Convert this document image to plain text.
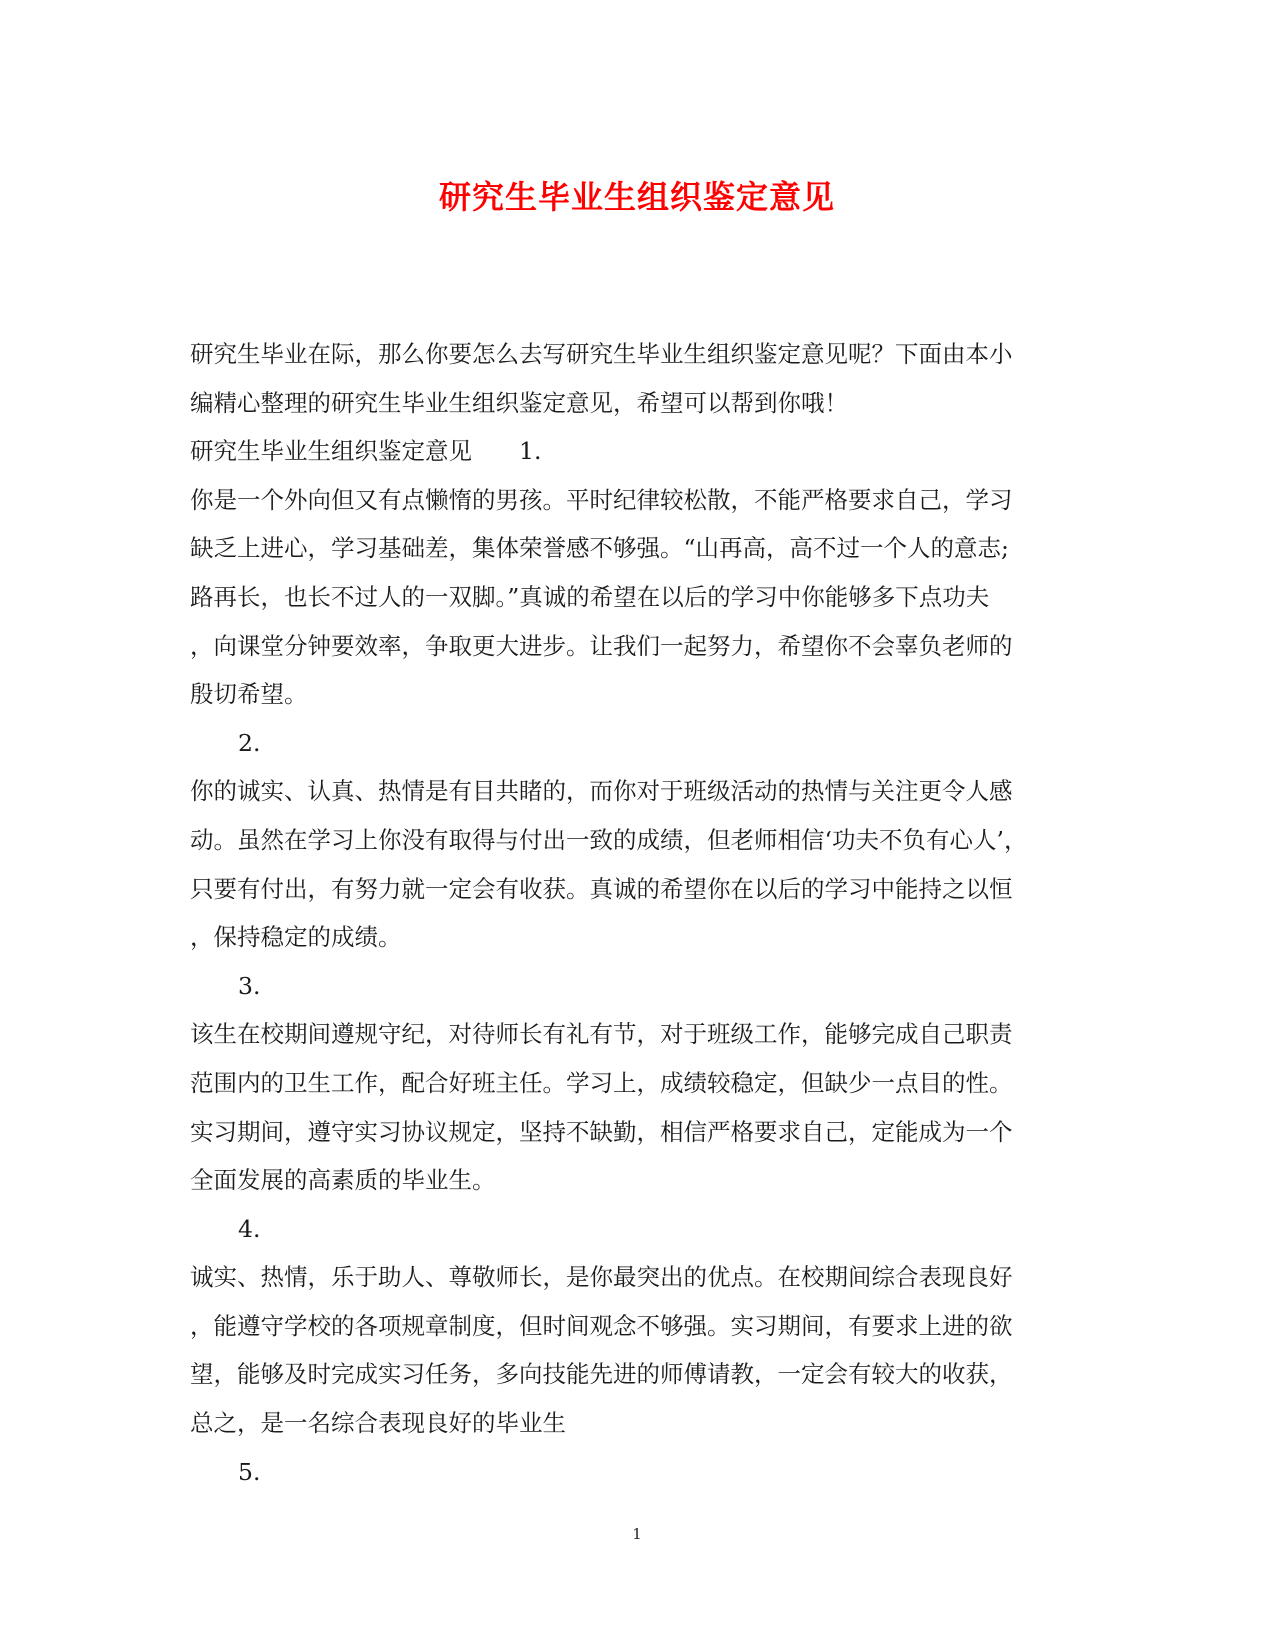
研究生毕业生组织鉴定意见
研究生毕业在际，那么你要怎么去写研究生毕业生组织鉴定意见呢？下面由本小
编精心整理的研究生毕业生组织鉴定意见，希望可以帮到你哦！
研究生毕业生组织鉴定意见　　1.
你是一个外向但又有点懒惰的男孩。平时纪律较松散，不能严格要求自己，学习
缺乏上进心，学习基础差，集体荣誉感不够强。“山再高，高不过一个人的意志;
路再长，也长不过人的一双脚。”真诚的希望在以后的学习中你能够多下点功夫
，向课堂分钟要效率，争取更大进步。让我们一起努力，希望你不会辜负老师的
殷切希望。
2.
你的诚实、认真、热情是有目共睹的，而你对于班级活动的热情与关注更令人感
动。虽然在学习上你没有取得与付出一致的成绩，但老师相信‘功夫不负有心人’，
只要有付出，有努力就一定会有收获。真诚的希望你在以后的学习中能持之以恒
，保持稳定的成绩。
3.
该生在校期间遵规守纪，对待师长有礼有节，对于班级工作，能够完成自己职责
范围内的卫生工作，配合好班主任。学习上，成绩较稳定，但缺少一点目的性。
实习期间，遵守实习协议规定，坚持不缺勤，相信严格要求自己，定能成为一个
全面发展的高素质的毕业生。
4.
诚实、热情，乐于助人、尊敬师长，是你最突出的优点。在校期间综合表现良好
，能遵守学校的各项规章制度，但时间观念不够强。实习期间，有要求上进的欲
望，能够及时完成实习任务，多向技能先进的师傅请教，一定会有较大的收获，
总之，是一名综合表现良好的毕业生
5.
1
